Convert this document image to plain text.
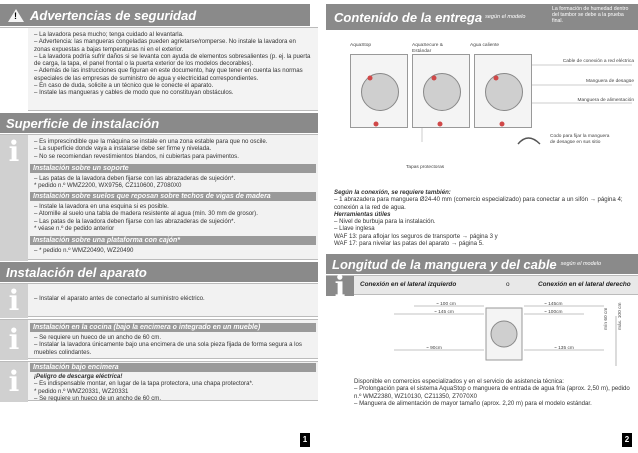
! Advertencias de seguridad
– La lavadora pesa mucho; tenga cuidado al levantarla.
– Advertencia: las mangueras congeladas pueden agrietarse/romperse. No instale la lavadora en zonas expuestas a bajas temperaturas ni en el exterior.
– La lavadora podría sufrir daños si se levanta con ayuda de elementos sobresalientes (p. ej. la puerta de carga, la tapa, el panel frontal o la puerta exterior de los modelos decorables).
– Además de las instrucciones que figuran en este documento, hay que tener en cuenta las normas especiales de las empresas de suministro de agua y electricidad correspondientes.
– En caso de duda, solicite a un técnico que le conecte el aparato.
– Instale las mangueras y cables de modo que no constituyan obstáculos.
Superficie de instalación
i	– Es imprescindible que la máquina se instale en una zona estable para que no oscile.
– La superficie donde vaya a instalarse debe ser firme y nivelada.
– No se recomiendan revestimientos blandos, ni cubiertas para pavimentos.
Instalación sobre un soporte
– Las patas de la lavadora deben fijarse con las abrazaderas de sujeción*.
* pedido n.º WMZ2200, WX9756, CZ110600, Z7080X0
Instalación sobre suelos que reposan sobre techos de vigas de madera
– Instale la lavadora en una esquina si es posible.
– Atornille al suelo una tabla de madera resistente al agua (mín. 30 mm de grosor).
– Las patas de la lavadora deben fijarse con las abrazaderas de sujeción*.
* véase n.º de pedido anterior
Instalación sobre una plataforma con cajón*
– * pedido n.º WMZ20490, WZ20490
Instalación del aparato
i	– Instalar el aparato antes de conectarlo al suministro eléctrico.
i	Instalación en la cocina (bajo la encimera o integrado en un mueble)
– Se requiere un hueco de un ancho de 60 cm.
– Instalar la lavadora únicamente bajo una encimera de una sola pieza fijada de forma segura a los muebles colindantes.
i	Instalación bajo encimera
¡Peligro de descarga eléctrica!
– Es indispensable montar, en lugar de la tapa protectora, una chapa protectora*.
* pedido n.º WMZ20331, WZ20331
– Se requiere un hueco de un ancho de 60 cm.
1
Contenido de la entrega según el modelo
La formación de humedad dentro del tambor se debe a la prueba final.
AquaStop	AquaSecure & Estándar
Agua caliente
Cable de conexión a red eléctrica
Manguera de desagüe
Manguera de alimentación
Tapas protectoras
Codo para fijar la manguera de desagüe en sus sitio
Según la conexión, se requiere también:
– 1 abrazadera para manguera Ø24-40 mm (comercio especializado) para conectar a un sifón → página 4; conexión a la red de agua.
Herramientas útiles
– Nivel de burbuja para la instalación.
– Llave inglesa
WAF 13: para aflojar los seguros de transporte → página 3 y
WAF 17: para nivelar las patas del aparato → página 5.
Longitud de la manguera y del cable según el modelo
i	Conexión en el lateral izquierdo	o	Conexión en el lateral derecho
~ 100 cm
~ 145 cm
~ 145cm
~ 100cm
~ 90cm	~ 135 cm
mín 60 cm máx. 100 cm
Disponible en comercios especializados y en el servicio de asistencia técnica:
– Prolongación para el sistema AquaStop o manguera de entrada de agua fría (aprox. 2,50 m), pedido n.º WMZ2380, WZ10130, CZ11350, Z7070X0
– Manguera de alimentación de mayor tamaño (aprox. 2,20 m) para el modelo estándar.
2
